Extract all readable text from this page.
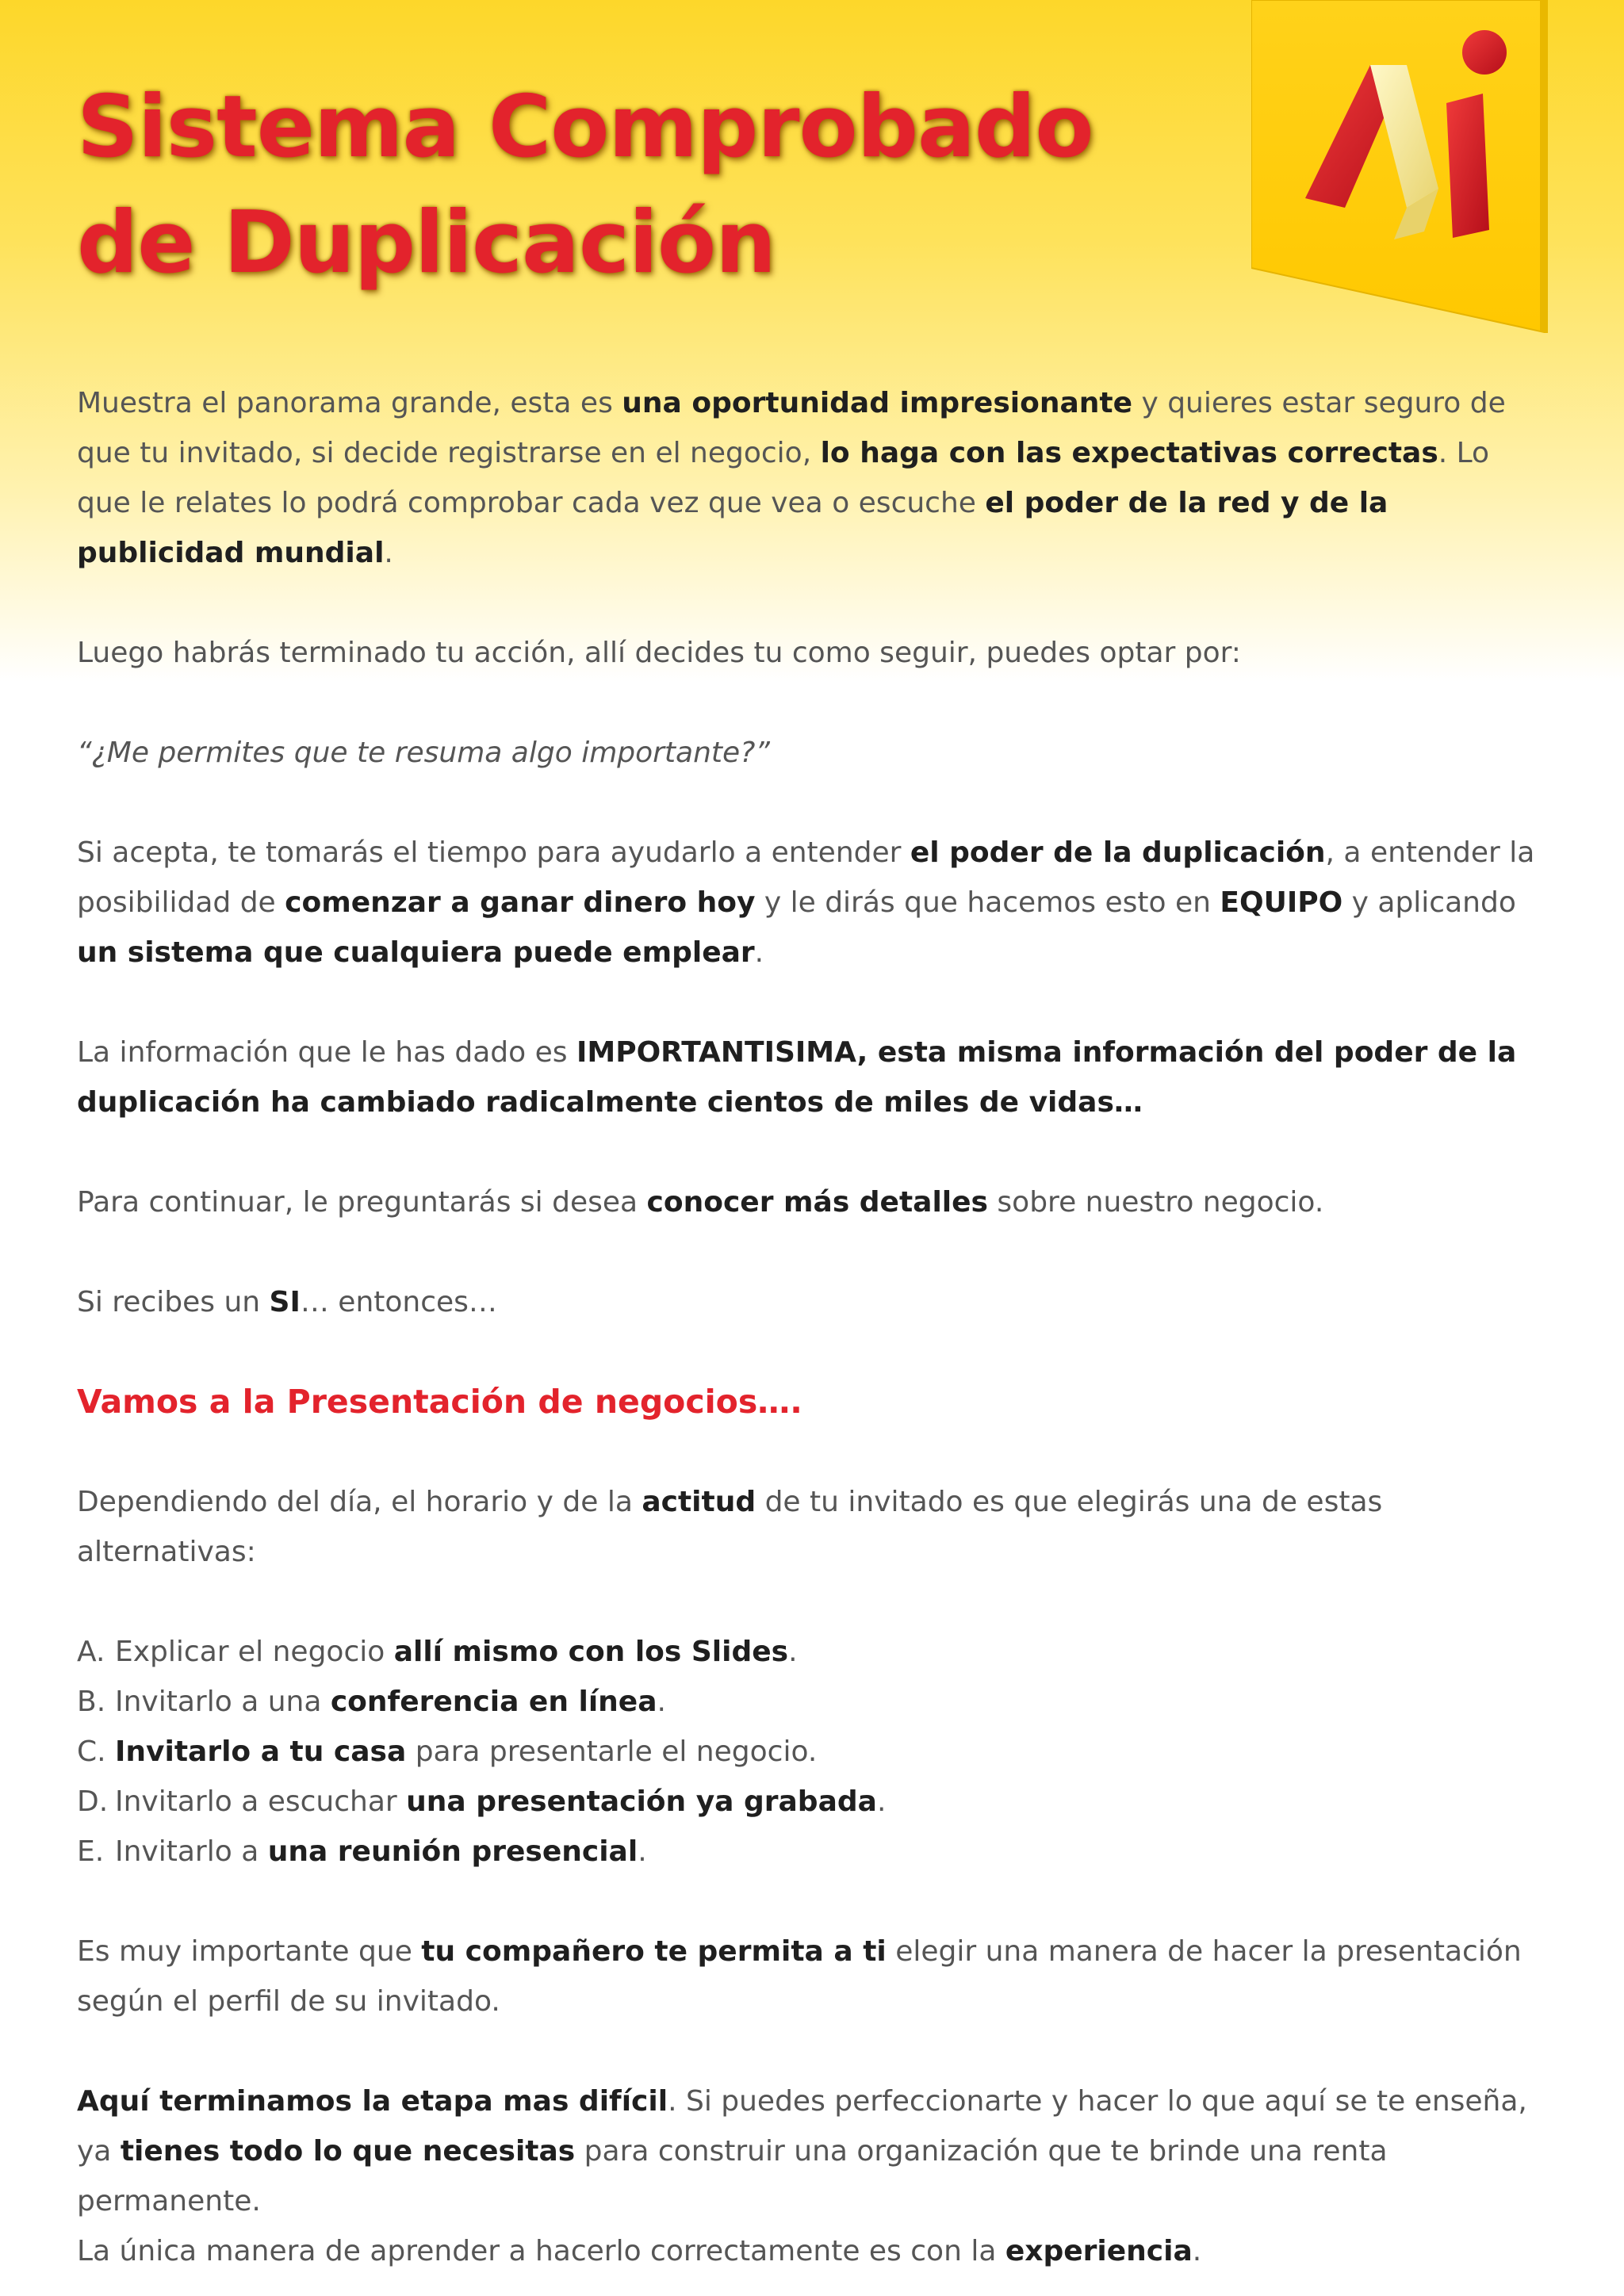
Sistema Comprobado
de Duplicación

Muestra el panorama grande, esta es una oportunidad impresionante y quieres estar seguro de que tu invitado, si decide registrarse en el negocio, lo haga con las expectativas correctas. Lo que le relates lo podrá comprobar cada vez que vea o escuche el poder de la red y de la publicidad mundial.

Luego habrás terminado tu acción, allí decides tu como seguir, puedes optar por:

“¿Me permites que te resuma algo importante?”

Si acepta, te tomarás el tiempo para ayudarlo a entender el poder de la duplicación, a entender la posibilidad de comenzar a ganar dinero hoy y le dirás que hacemos esto en EQUIPO y aplicando un sistema que cualquiera puede emplear.

La información que le has dado es IMPORTANTISIMA, esta misma información del poder de la duplicación ha cambiado radicalmente cientos de miles de vidas…

Para continuar, le preguntarás si desea conocer más detalles sobre nuestro negocio.

Si recibes un SI… entonces…

Vamos a la Presentación de negocios….

Dependiendo del día, el horario y de la actitud de tu invitado es que elegirás una de estas alternativas:

A. Explicar el negocio allí mismo con los Slides.
B. Invitarlo a una conferencia en línea.
C. Invitarlo a tu casa para presentarle el negocio.
D. Invitarlo a escuchar una presentación ya grabada.
E. Invitarlo a una reunión presencial.

Es muy importante que tu compañero te permita a ti elegir una manera de hacer la presentación según el perfil de su invitado.

Aquí terminamos la etapa mas difícil. Si puedes perfeccionarte y hacer lo que aquí se te enseña, ya tienes todo lo que necesitas para construir una organización que te brinde una renta permanente.

La única manera de aprender a hacerlo correctamente es con la experiencia.
